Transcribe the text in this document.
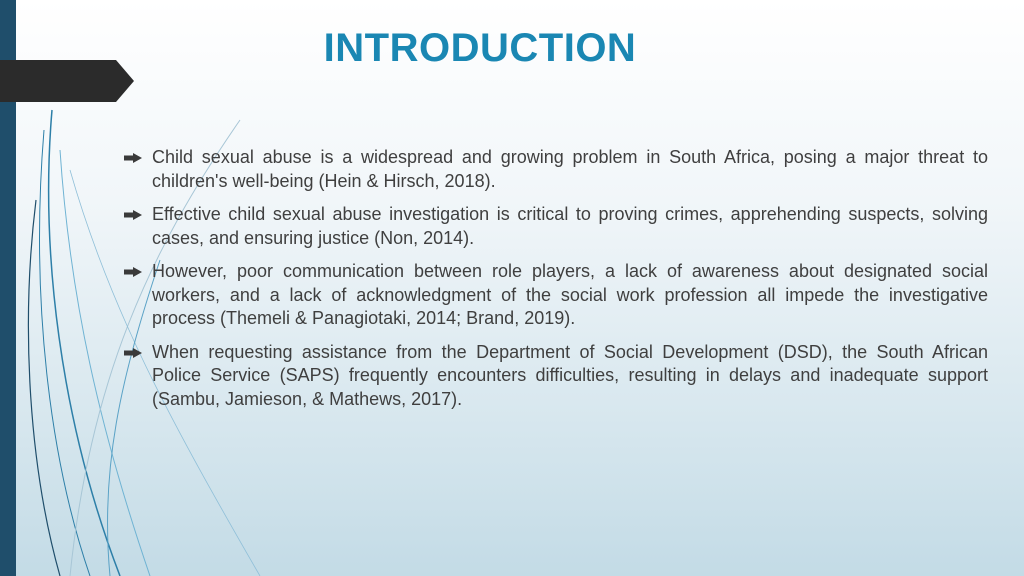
INTRODUCTION
Child sexual abuse is a widespread and growing problem in South Africa, posing a major threat to children's well-being (Hein & Hirsch, 2018).
Effective child sexual abuse investigation is critical to proving crimes, apprehending suspects, solving cases, and ensuring justice (Non, 2014).
However, poor communication between role players, a lack of awareness about designated social workers, and a lack of acknowledgment of the social work profession all impede the investigative process (Themeli & Panagiotaki, 2014; Brand, 2019).
When requesting assistance from the Department of Social Development (DSD), the South African Police Service (SAPS) frequently encounters difficulties, resulting in delays and inadequate support (Sambu, Jamieson, & Mathews, 2017).
